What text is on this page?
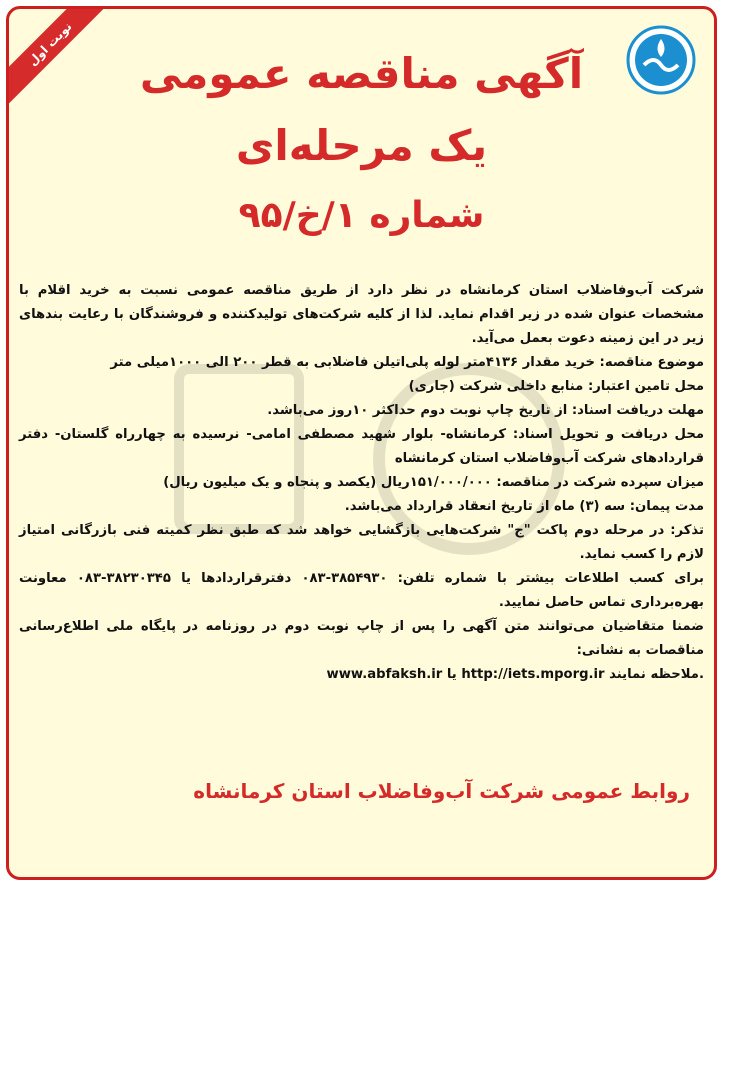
نوبت اول
آگهی مناقصه عمومی
یک مرحله‌ای
شماره ۱/خ/۹۵

شرکت آب‌وفاضلاب استان کرمانشاه در نظر دارد از طریق مناقصه عمومی نسبت به خرید اقلام با مشخصات عنوان شده در زیر اقدام نماید. لذا از کلیه شرکت‌های تولیدکننده و فروشندگان با رعایت بندهای زیر در این زمینه دعوت بعمل می‌آید.

موضوع مناقصه: خرید مقدار ۴۱۳۶متر لوله پلی‌اتیلن فاضلابی به قطر ۲۰۰ الی ۱۰۰۰میلی متر

محل تامین اعتبار: منابع داخلی شرکت (جاری)

مهلت دریافت اسناد: از تاریخ چاپ نوبت دوم حداکثر ۱۰روز می‌باشد.

محل دریافت و تحویل اسناد: کرمانشاه- بلوار شهید مصطفی امامی- نرسیده به چهارراه گلستان- دفتر قراردادهای شرکت آب‌وفاضلاب استان کرمانشاه

میزان سپرده شرکت در مناقصه: ۱۵۱/۰۰۰/۰۰۰ریال (یکصد و پنجاه و یک میلیون ریال)

مدت پیمان: سه (۳) ماه از تاریخ انعقاد قرارداد می‌باشد.

تذکر: در مرحله دوم پاکت "ج" شرکت‌هایی بازگشایی خواهد شد که طبق نظر کمیته فنی بازرگانی امتیاز لازم را کسب نماید.

برای کسب اطلاعات بیشتر با شماره تلفن: ۳۸۵۴۹۳۰-۰۸۳ دفترقراردادها یا ۳۸۲۳۰۳۴۵-۰۸۳ معاونت بهره‌برداری تماس حاصل نمایید.

ضمنا متقاضیان می‌توانند متن آگهی را پس از چاپ نوبت دوم در روزنامه در پایگاه ملی اطلاع‌رسانی مناقصات به نشانی:

www.abfaksh.ir یا http://iets.mporg.ir ملاحظه نمایند.

روابط عمومی شرکت آب‌وفاضلاب استان کرمانشاه
